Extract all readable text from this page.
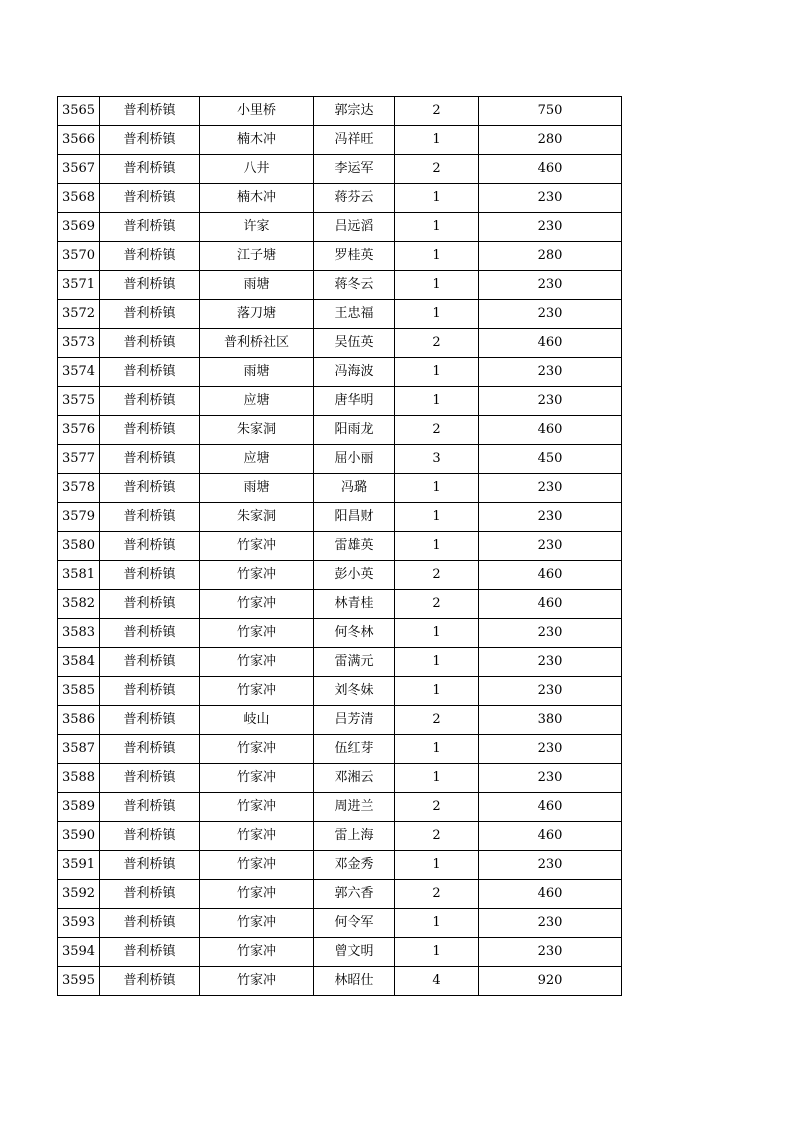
3565	普利桥镇	小里桥	郭宗达	2	750
3566	普利桥镇	楠木冲	冯祥旺	1	280
3567	普利桥镇	八井	李运军	2	460
3568	普利桥镇	楠木冲	蒋芬云	1	230
3569	普利桥镇	许家	吕远滔	1	230
3570	普利桥镇	江子塘	罗桂英	1	280
3571	普利桥镇	雨塘	蒋冬云	1	230
3572	普利桥镇	落刀塘	王忠福	1	230
3573	普利桥镇	普利桥社区	吴伍英	2	460
3574	普利桥镇	雨塘	冯海波	1	230
3575	普利桥镇	应塘	唐华明	1	230
3576	普利桥镇	朱家洞	阳雨龙	2	460
3577	普利桥镇	应塘	屈小丽	3	450
3578	普利桥镇	雨塘	冯璐	1	230
3579	普利桥镇	朱家洞	阳昌财	1	230
3580	普利桥镇	竹家冲	雷雄英	1	230
3581	普利桥镇	竹家冲	彭小英	2	460
3582	普利桥镇	竹家冲	林青桂	2	460
3583	普利桥镇	竹家冲	何冬林	1	230
3584	普利桥镇	竹家冲	雷满元	1	230
3585	普利桥镇	竹家冲	刘冬妹	1	230
3586	普利桥镇	岐山	吕芳清	2	380
3587	普利桥镇	竹家冲	伍红芽	1	230
3588	普利桥镇	竹家冲	邓湘云	1	230
3589	普利桥镇	竹家冲	周进兰	2	460
3590	普利桥镇	竹家冲	雷上海	2	460
3591	普利桥镇	竹家冲	邓金秀	1	230
3592	普利桥镇	竹家冲	郭六香	2	460
3593	普利桥镇	竹家冲	何令军	1	230
3594	普利桥镇	竹家冲	曾文明	1	230
3595	普利桥镇	竹家冲	林昭仕	4	920
